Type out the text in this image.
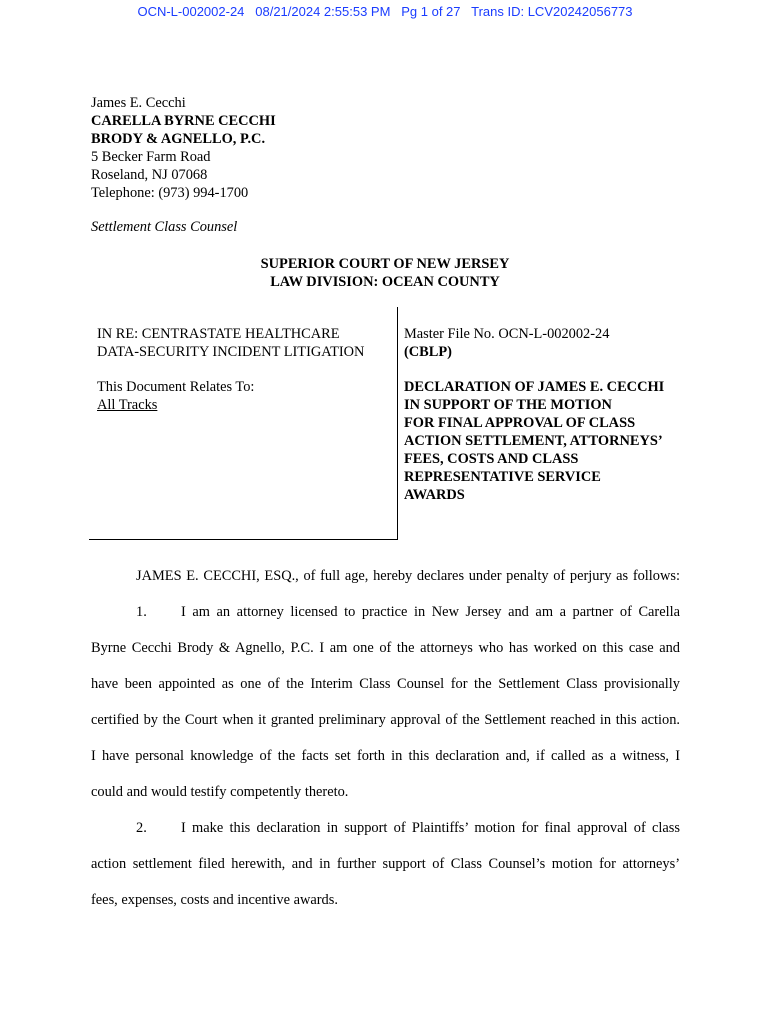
OCN-L-002002-24   08/21/2024 2:55:53 PM   Pg 1 of 27   Trans ID: LCV20242056773
James E. Cecchi
CARELLA BYRNE CECCHI
BRODY & AGNELLO, P.C.
5 Becker Farm Road
Roseland, NJ 07068
Telephone: (973) 994-1700
Settlement Class Counsel
SUPERIOR COURT OF NEW JERSEY
LAW DIVISION: OCEAN COUNTY
IN RE: CENTRASTATE HEALTHCARE
DATA-SECURITY INCIDENT LITIGATION
This Document Relates To:
All Tracks
Master File No. OCN-L-002002-24
(CBLP)
DECLARATION OF JAMES E. CECCHI
IN SUPPORT OF THE MOTION
FOR FINAL APPROVAL OF CLASS
ACTION SETTLEMENT, ATTORNEYS’
FEES, COSTS AND CLASS
REPRESENTATIVE SERVICE
AWARDS
JAMES E. CECCHI, ESQ., of full age, hereby declares under penalty of perjury as follows:
1. I am an attorney licensed to practice in New Jersey and am a partner of Carella
Byrne Cecchi Brody & Agnello, P.C. I am one of the attorneys who has worked on this case and
have been appointed as one of the Interim Class Counsel for the Settlement Class provisionally
certified by the Court when it granted preliminary approval of the Settlement reached in this action.
I have personal knowledge of the facts set forth in this declaration and, if called as a witness, I
could and would testify competently thereto.
2. I make this declaration in support of Plaintiffs’ motion for final approval of class
action settlement filed herewith, and in further support of Class Counsel’s motion for attorneys’
fees, expenses, costs and incentive awards.
